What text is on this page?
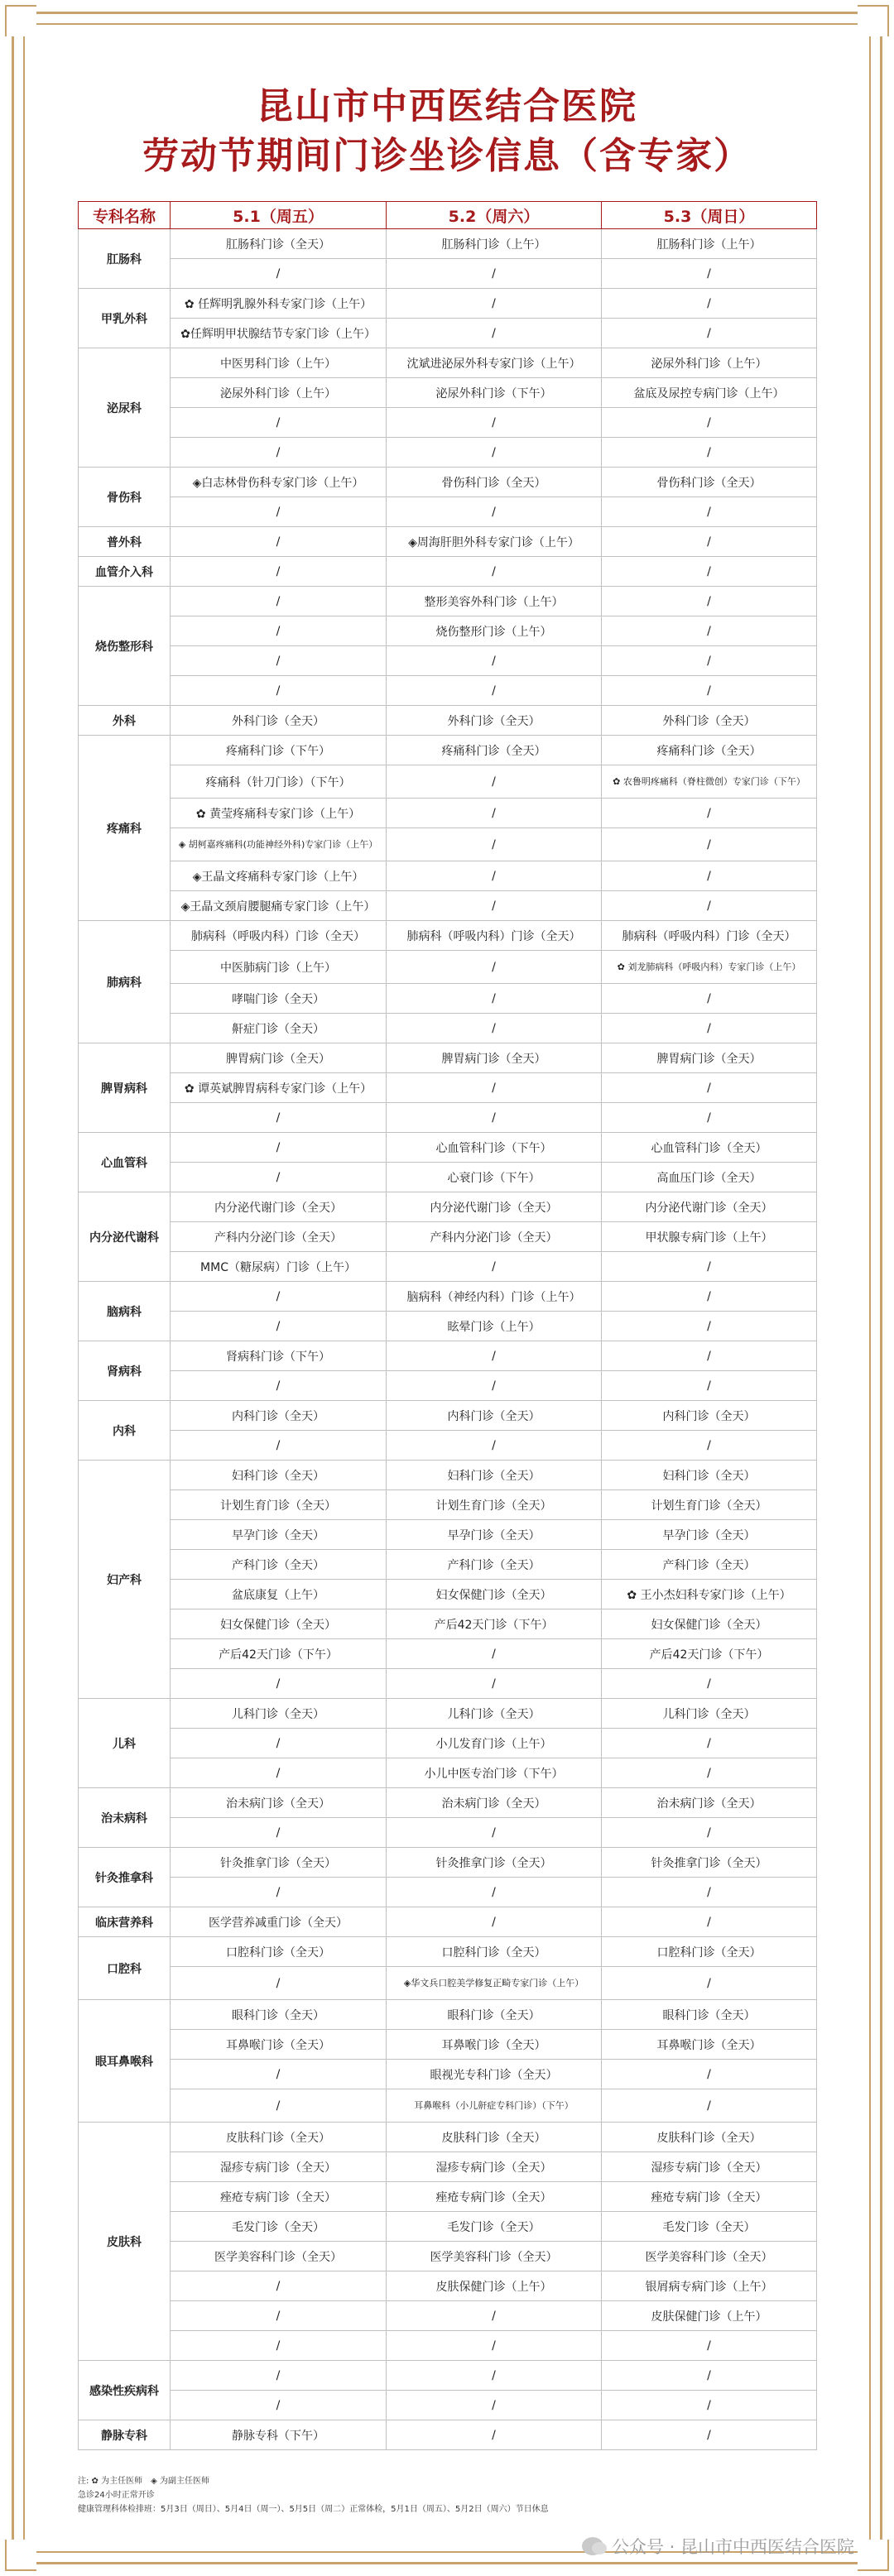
昆山市中西医结合医院
劳动节期间门诊坐诊信息（含专家）
专科名称	5.1（周五）	5.2（周六）	5.3（周日）
肛肠科	肛肠科门诊（全天）	肛肠科门诊（上午）	肛肠科门诊（上午）
	/	/	/
甲乳外科	✿ 任辉明乳腺外科专家门诊（上午）	/	/
	✿任辉明甲状腺结节专家门诊（上午）	/	/
泌尿科	中医男科门诊（上午）	沈斌进泌尿外科专家门诊（上午）	泌尿外科门诊（上午）
	泌尿外科门诊（上午）	泌尿外科门诊（下午）	盆底及尿控专病门诊（上午）
	/	/	/
	/	/	/
骨伤科	◈白志林骨伤科专家门诊（上午）	骨伤科门诊（全天）	骨伤科门诊（全天）
	/	/	/
普外科	/	◈周海肝胆外科专家门诊（上午）	/
血管介入科	/	/	/
烧伤整形科	/	整形美容外科门诊（上午）	/
	/	烧伤整形门诊（上午）	/
	/	/	/
	/	/	/
外科	外科门诊（全天）	外科门诊（全天）	外科门诊（全天）
疼痛科	疼痛科门诊（下午）	疼痛科门诊（全天）	疼痛科门诊（全天）
	疼痛科（针刀门诊）（下午）	/	✿ 农鲁明疼痛科（脊柱微创）专家门诊（下午）
	✿ 黄莹疼痛科专家门诊（上午）	/	/
	◈ 胡柯嘉疼痛科(功能神经外科)专家门诊（上午）	/	/
	◈王晶文疼痛科专家门诊（上午）	/	/
	◈王晶文颈肩腰腿痛专家门诊（上午）	/	/
肺病科	肺病科（呼吸内科）门诊（全天）	肺病科（呼吸内科）门诊（全天）	肺病科（呼吸内科）门诊（全天）
	中医肺病门诊（上午）	/	✿ 刘龙肺病科（呼吸内科）专家门诊（上午）
	哮喘门诊（全天）	/	/
	鼾症门诊（全天）	/	/
脾胃病科	脾胃病门诊（全天）	脾胃病门诊（全天）	脾胃病门诊（全天）
	✿ 谭英斌脾胃病科专家门诊（上午）	/	/
	/	/	/
心血管科	/	心血管科门诊（下午）	心血管科门诊（全天）
	/	心衰门诊（下午）	高血压门诊（全天）
内分泌代谢科	内分泌代谢门诊（全天）	内分泌代谢门诊（全天）	内分泌代谢门诊（全天）
	产科内分泌门诊（全天）	产科内分泌门诊（全天）	甲状腺专病门诊（上午）
	MMC（糖尿病）门诊（上午）	/	/
脑病科	/	脑病科（神经内科）门诊（上午）	/
	/	眩晕门诊（上午）	/
肾病科	肾病科门诊（下午）	/	/
	/	/	/
内科	内科门诊（全天）	内科门诊（全天）	内科门诊（全天）
	/	/	/
妇产科	妇科门诊（全天）	妇科门诊（全天）	妇科门诊（全天）
	计划生育门诊（全天）	计划生育门诊（全天）	计划生育门诊（全天）
	早孕门诊（全天）	早孕门诊（全天）	早孕门诊（全天）
	产科门诊（全天）	产科门诊（全天）	产科门诊（全天）
	盆底康复（上午）	妇女保健门诊（全天）	✿ 王小杰妇科专家门诊（上午）
	妇女保健门诊（全天）	产后42天门诊（下午）	妇女保健门诊（全天）
	产后42天门诊（下午）	/	产后42天门诊（下午）
	/	/	/
儿科	儿科门诊（全天）	儿科门诊（全天）	儿科门诊（全天）
	/	小儿发育门诊（上午）	/
	/	小儿中医专治门诊（下午）	/
治未病科	治未病门诊（全天）	治未病门诊（全天）	治未病门诊（全天）
	/	/	/
针灸推拿科	针灸推拿门诊（全天）	针灸推拿门诊（全天）	针灸推拿门诊（全天）
	/	/	/
临床营养科	医学营养减重门诊（全天）	/	/
口腔科	口腔科门诊（全天）	口腔科门诊（全天）	口腔科门诊（全天）
	/	◈华文兵口腔美学修复正畸专家门诊（上午）	/
眼耳鼻喉科	眼科门诊（全天）	眼科门诊（全天）	眼科门诊（全天）
	耳鼻喉门诊（全天）	耳鼻喉门诊（全天）	耳鼻喉门诊（全天）
	/	眼视光专科门诊（全天）	/
	/	耳鼻喉科（小儿鼾症专科门诊）（下午）	/
皮肤科	皮肤科门诊（全天）	皮肤科门诊（全天）	皮肤科门诊（全天）
	湿疹专病门诊（全天）	湿疹专病门诊（全天）	湿疹专病门诊（全天）
	痤疮专病门诊（全天）	痤疮专病门诊（全天）	痤疮专病门诊（全天）
	毛发门诊（全天）	毛发门诊（全天）	毛发门诊（全天）
	医学美容科门诊（全天）	医学美容科门诊（全天）	医学美容科门诊（全天）
	/	皮肤保健门诊（上午）	银屑病专病门诊（上午）
	/	/	皮肤保健门诊（上午）
	/	/	/
感染性疾病科	/	/	/
	/	/	/
静脉专科	静脉专科（下午）	/	/
注: ✿ 为主任医师　◈ 为副主任医师
急诊24小时正常开诊
健康管理科体检排班：5月3日（周日）、5月4日（周一）、5月5日（周二）正常体检，5月1日（周五）、5月2日（周六）节日休息
公众号 · 昆山市中西医结合医院
